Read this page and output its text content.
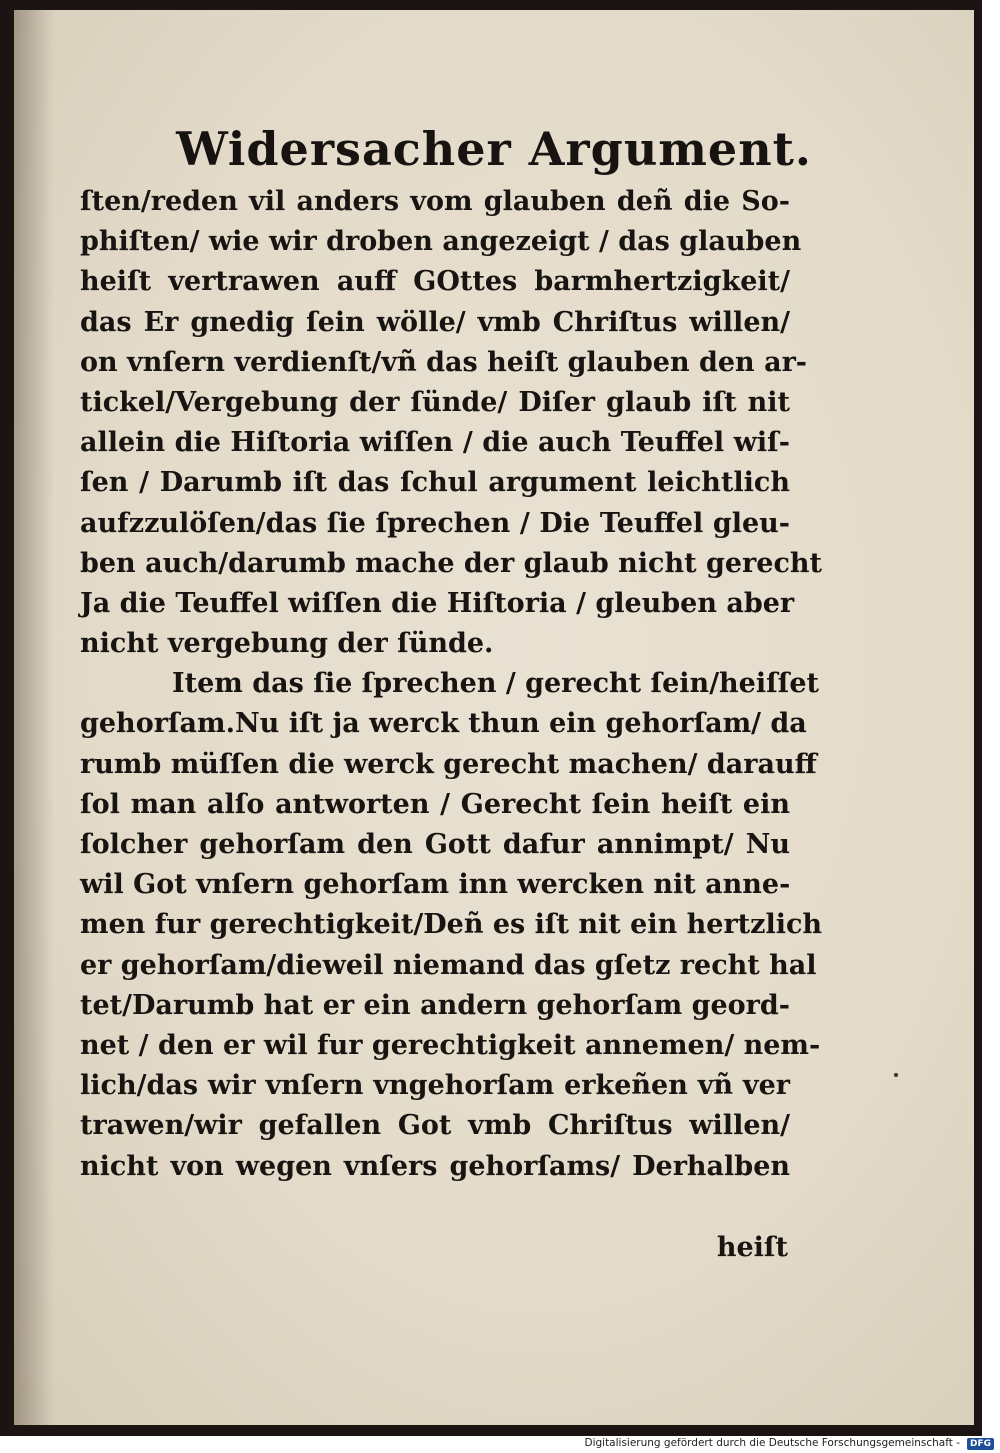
Widersacher Argument.
ſten/reden vil anders vom glauben deñ die So-
phiſten/ wie wir droben angezeigt / das glauben
heiſt vertrawen auff GOttes barmhertzigkeit/
das Er gnedig ſein wölle/ vmb Chriſtus willen/
on vnſern verdienſt/vñ das heiſt glauben den ar-
tickel/Vergebung der ſünde/ Diſer glaub iſt nit
allein die Hiſtoria wiſſen / die auch Teuffel wiſ-
ſen / Darumb iſt das ſchul argument leichtlich
aufzzulöſen/das ſie ſprechen / Die Teuffel gleu-
ben auch/darumb mache der glaub nicht gerecht
Ja die Teuffel wiſſen die Hiſtoria / gleuben aber
nicht vergebung der ſünde.
Item das ſie ſprechen / gerecht ſein/heiſſet
gehorſam.Nu iſt ja werck thun ein gehorſam/ da
rumb müſſen die werck gerecht machen/ darauff
ſol man alſo antworten / Gerecht ſein heiſt ein
ſolcher gehorſam den Gott dafur annimpt/ Nu
wil Got vnſern gehorſam inn wercken nit anne-
men fur gerechtigkeit/Deñ es iſt nit ein hertzlich
er gehorſam/dieweil niemand das gſetz recht hal
tet/Darumb hat er ein andern gehorſam geord-
net / den er wil fur gerechtigkeit annemen/ nem-
lich/das wir vnſern vngehorſam erkeñen vñ ver
trawen/wir gefallen Got vmb Chriſtus willen/
nicht von wegen vnſers gehorſams/ Derhalben
heiſt
Digitalisierung gefördert durch die Deutsche Forschungsgemeinschaft -	DFG
